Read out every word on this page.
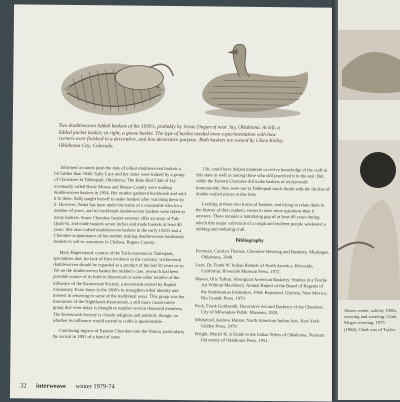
Two doublewoven lidded baskets of the 1930's, probably by Jessie Dugan of near Jay, Oklahoma. At left, a lidded pocket basket; at right, a goose basket. The type of basket needed more experimentation with how corners were finished in a decorative, and less decorative purpose. Both baskets are owned by Clara Kelley, Oklahoma City, Colorado.

Informed accounts push the date of oldest doublewoven baskets a bit farther than 1940. Sally Lacy and her sister were trained by a group of Cherokees in Tahlequah, Oklahoma. The Blue Bird Club of Jay eventually rolled Hosie Mouse and Mouse County were making doublewoven baskets in 1954. Her mother gathered buckbrush and sold it to them. Sally taught herself to make baskets after watching them do it. However, Tasha has been under the name of a reasonable idea for a number of years, and its buckbrush doublewoven baskets were taken to many baskets. Some Cherokee basket weavers offer an array of Tah-Quah-In, and made baskets seven inches and made baskets at least 40 years. She also crafted doublewoven baskets in the early 1920's and a Cherokee acquaintance of her mother making doublewoven buckbrush baskets to sell to customers in Chelsea, Rogers County.

Mary Hagerstrand, curator of the Tacla museum in Tahlequah, specializes that, for lack of firm evidence to the contrary, wickerwork doublewoven should be regarded as a product of the last 50 years or so. Yet on the doublewoven basket the mother's case, research had been possible source of its birth in Sherwood or some other relative of the influence of the Kantsowah Society, a movement started by Baptist missionary Evan Jones in the 1880's to strengthen tribal identity and interest in returning to some of the traditional ways. This group was the forerunner of the Nighthawk Keetoowah, a still more conservative group that even today is thought to number several thousand members. The Keetoowah Society is closely religious and political, though, so whether its influence would extend to crafts is questionable.

Continuing ingress of Eastern Cherokee into the Nation, particularly the arrival in 1881 of a band of some

130, could have helped maintain or revive knowledge of the craft in this state as well as among those who still practiced it in the east. But, while the Eastern Cherokee did make baskets of wickerwork honeysuckle, they were not in Tahlequah much doubt with the decline of double walled pieces at this time.

Looking at these two forms of baskets, and trying to relate them to the history of their makers, seems to raise more questions than it answers. There remains a tantalizing gap of at least 40 years during which this major collection of a rough and resilient people weakened a striking and enduring craft.

Bibliography
Foreman, Carolyn Thomas. Cherokee Weaving and Basketry. Muskogee, Oklahoma, 1948.
Lasir, Dr. Frank W. Indian Baskets of North America. Riverside, California: Riverside Museum Press, 1972.
Mason, Otis Tufton. Aboriginal American Basketry: Studies in a Textile Art Without Machinery. Annual Report of the Board of Regents of the Smithsonian Institution, 1904. Reprinted. Glorieta, New Mexico: Rio Grande Press, 1970.
Peck, Frank Goldsmith. Decorative Art and Basketry of the Cherokee. City of Milwaukee Public Museum, 1920.
Whiteford, Andrew Hunter. North American Indian Arts. New York: Golden Press, 1970.
Wright, Muriel H. A Guide to the Indian Tribes of Oklahoma. Norman: University of Oklahoma Press, 1951.
32 interweave winter 1979-74
Above center, sold by 1950s, weaving and weaving. Clark Mcgee weaving, 1975 (1964), Clark was of Taylor.
